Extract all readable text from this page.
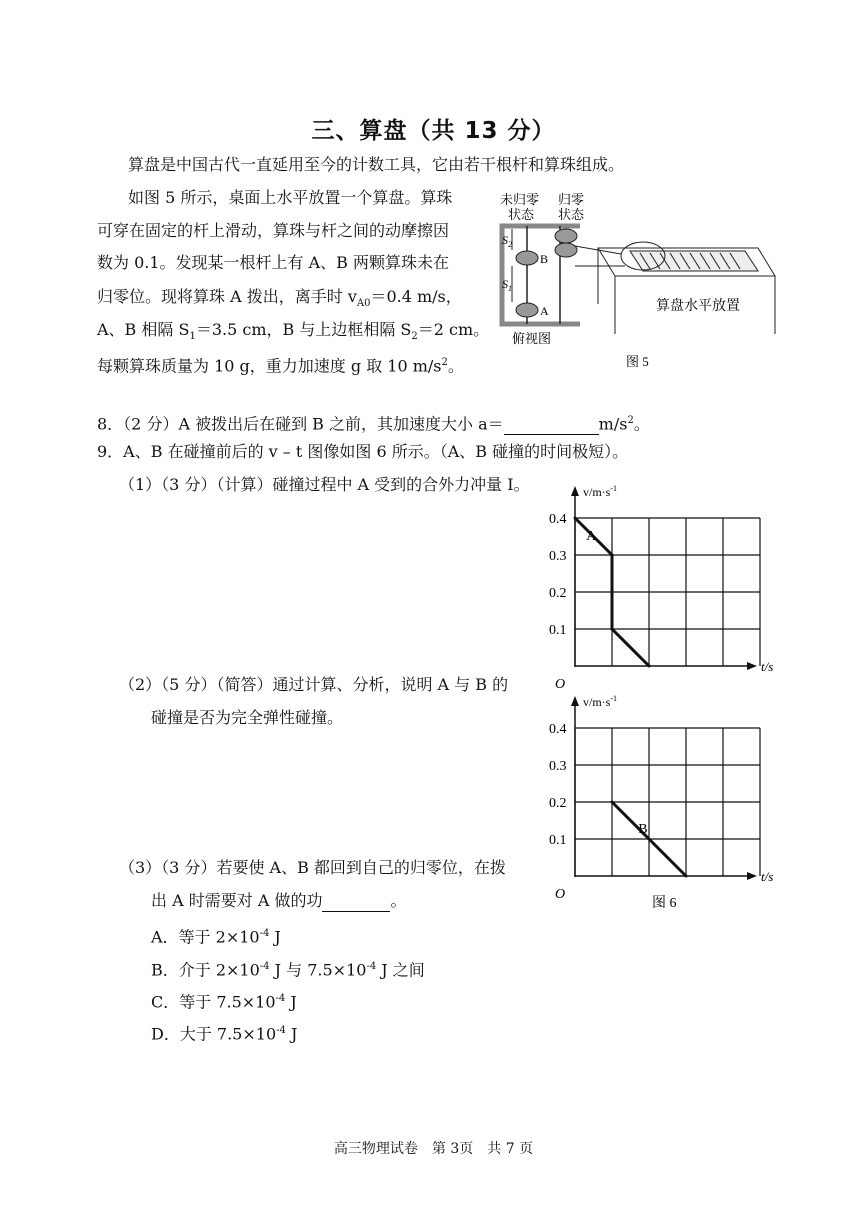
三、算盘（共 13 分）
算盘是中国古代一直延用至今的计数工具，它由若干根杆和算珠组成。
如图 5 所示，桌面上水平放置一个算盘。算珠
可穿在固定的杆上滑动，算珠与杆之间的动摩擦因
数为 0.1。发现某一根杆上有 A、B 两颗算珠未在
归零位。现将算珠 A 拨出，离手时 $v_{A0}=0.4$ m/s，
A、B 相隔 $S_1=3.5$ cm，B 与上边框相隔 $S_2=2$ cm。
每颗算珠质量为 10 g，重力加速度 g 取 10 $m/s^2$。
未归零
状态
归零
状态
B
A
$S_2$
$S_1$
俯视图
算盘水平放置
图 5
8．（2 分）A 被拨出后在碰到 B 之前，其加速度大小 a＝	$m/s^2$。
9．A、B 在碰撞前后的 v – t 图像如图 6 所示。（A、B 碰撞的时间极短）。
（1）（3 分）（计算）碰撞过程中 A 受到的合外力冲量 I。
（2）（5 分）（简答）通过计算、分析，说明 A 与 B 的
碰撞是否为完全弹性碰撞。
（3）（3 分）若要使 A、B 都回到自己的归零位，在拨
出 A 时需要对 A 做的功	。
A．等于 $2\times 10^{-4}$ J
B．介于 $2\times 10^{-4}$ J 与 $7.5\times 10^{-4}$ J 之间
C．等于 $7.5\times 10^{-4}$ J
D．大于 $7.5\times 10^{-4}$ J
0.4
0.3
0.2
0.1
O
$v/m\cdot s^{-1}$
t/s
A
0.4
0.3
0.2
0.1
O
$v/m\cdot s^{-1}$
t/s
B
图 6
高三物理试卷　第 3页　共 7 页
